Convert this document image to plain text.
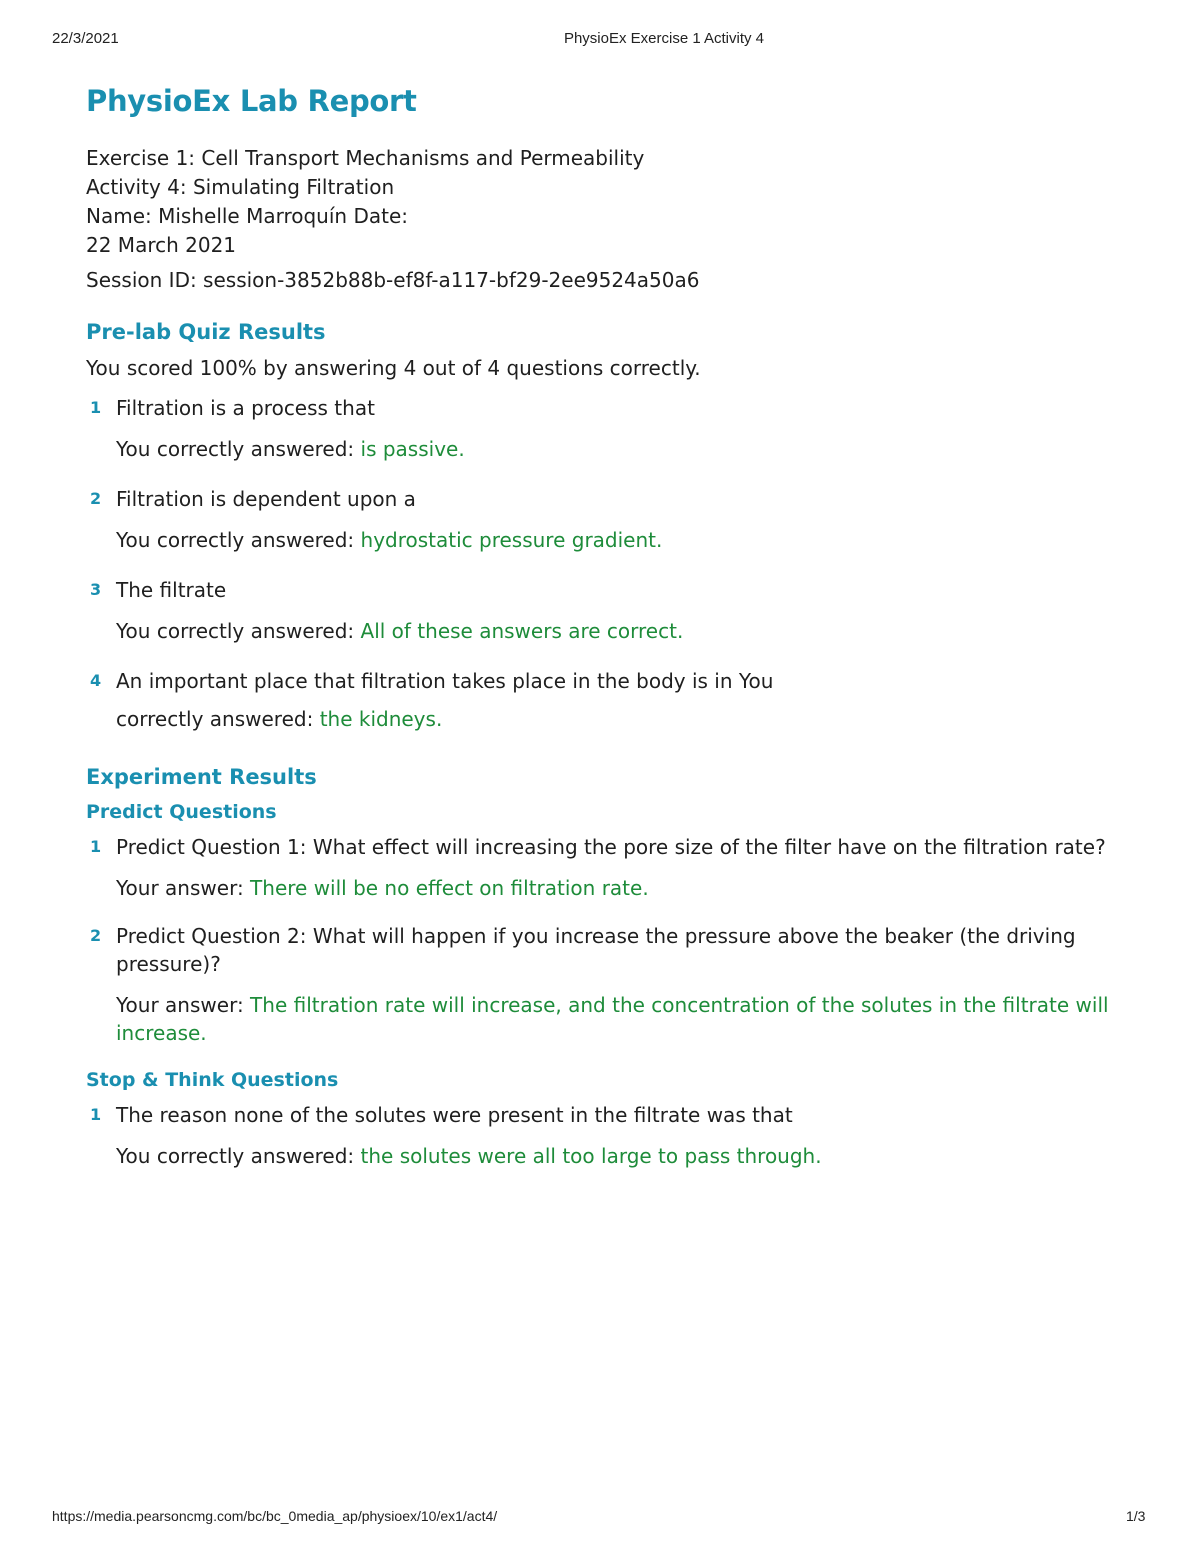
22/3/2021	PhysioEx Exercise 1 Activity 4
PhysioEx Lab Report
Exercise 1: Cell Transport Mechanisms and Permeability
Activity 4: Simulating Filtration
Name: Mishelle Marroquín Date:
22 March 2021
Session ID: session-3852b88b-ef8f-a117-bf29-2ee9524a50a6
Pre-lab Quiz Results
You scored 100% by answering 4 out of 4 questions correctly.
1 Filtration is a process that
You correctly answered: is passive.
2 Filtration is dependent upon a
You correctly answered: hydrostatic pressure gradient.
3 The filtrate
You correctly answered: All of these answers are correct.
4 An important place that filtration takes place in the body is in You
correctly answered: the kidneys.
Experiment Results
Predict Questions
1 Predict Question 1: What effect will increasing the pore size of the filter have on the filtration rate?
Your answer: There will be no effect on filtration rate.
2 Predict Question 2: What will happen if you increase the pressure above the beaker (the driving pressure)?
Your answer: The filtration rate will increase, and the concentration of the solutes in the filtrate will increase.
Stop & Think Questions
1 The reason none of the solutes were present in the filtrate was that
You correctly answered: the solutes were all too large to pass through.
https://media.pearsoncmg.com/bc/bc_0media_ap/physioex/10/ex1/act4/	1/3
